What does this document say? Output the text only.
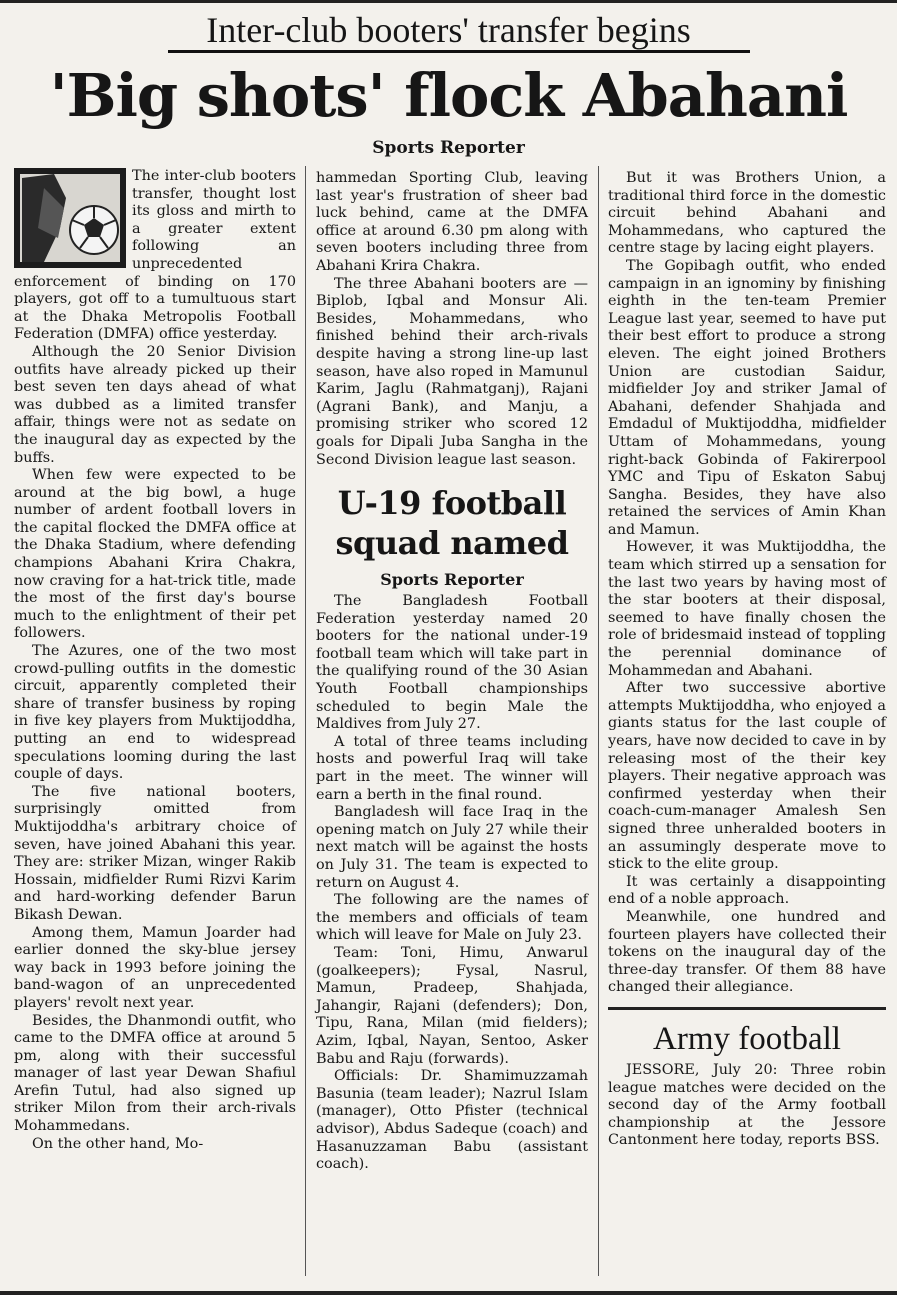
Inter-club booters' transfer begins
'Big shots' flock Abahani
Sports Reporter

The inter-club booters transfer, thought lost its gloss and mirth to a greater extent following an unprecedented enforcement of binding on 170 players, got off to a tumultuous start at the Dhaka Metropolis Football Federation (DMFA) office yesterday.

Although the 20 Senior Division outfits have already picked up their best seven ten days ahead of what was dubbed as a limited transfer affair, things were not as sedate on the inaugural day as expected by the buffs.

When few were expected to be around at the big bowl, a huge number of ardent football lovers in the capital flocked the DMFA office at the Dhaka Stadium, where defending champions Abahani Krira Chakra, now craving for a hat-trick title, made the most of the first day's bourse much to the enlightment of their pet followers.

The Azures, one of the two most crowd-pulling outfits in the domestic circuit, apparently completed their share of transfer business by roping in five key players from Muktijoddha, putting an end to widespread speculations looming during the last couple of days.

The five national booters, surprisingly omitted from Muktijoddha's arbitrary choice of seven, have joined Abahani this year. They are: striker Mizan, winger Rakib Hossain, midfielder Rumi Rizvi Karim and hard-working defender Barun Bikash Dewan.

Among them, Mamun Joarder had earlier donned the sky-blue jersey way back in 1993 before joining the band-wagon of an unprecedented players' revolt next year.

Besides, the Dhanmondi outfit, who came to the DMFA office at around 5 pm, along with their successful manager of last year Dewan Shafiul Arefin Tutul, had also signed up striker Milon from their arch-rivals Mohammedans.

On the other hand, Mo-

hammedan Sporting Club, leaving last year's frustration of sheer bad luck behind, came at the DMFA office at around 6.30 pm along with seven booters including three from Abahani Krira Chakra.

The three Abahani booters are — Biplob, Iqbal and Monsur Ali. Besides, Mohammedans, who finished behind their arch-rivals despite having a strong line-up last season, have also roped in Mamunul Karim, Jaglu (Rahmatganj), Rajani (Agrani Bank), and Manju, a promising striker who scored 12 goals for Dipali Juba Sangha in the Second Division league last season.

U-19 football squad named
Sports Reporter

The Bangladesh Football Federation yesterday named 20 booters for the national under-19 football team which will take part in the qualifying round of the 30 Asian Youth Football championships scheduled to begin Male the Maldives from July 27.

A total of three teams including hosts and powerful Iraq will take part in the meet. The winner will earn a berth in the final round.

Bangladesh will face Iraq in the opening match on July 27 while their next match will be against the hosts on July 31. The team is expected to return on August 4.

The following are the names of the members and officials of team which will leave for Male on July 23.

Team: Toni, Himu, Anwarul (goalkeepers); Fysal, Nasrul, Mamun, Pradeep, Shahjada, Jahangir, Rajani (defenders); Don, Tipu, Rana, Milan (mid fielders); Azim, Iqbal, Nayan, Sentoo, Asker Babu and Raju (forwards).

Officials: Dr. Shamimuzzamah Basunia (team leader); Nazrul Islam (manager), Otto Pfister (technical advisor), Abdus Sadeque (coach) and Hasanuzzaman Babu (assistant coach).

But it was Brothers Union, a traditional third force in the domestic circuit behind Abahani and Mohammedans, who captured the centre stage by lacing eight players.

The Gopibagh outfit, who ended campaign in an ignominy by finishing eighth in the ten-team Premier League last year, seemed to have put their best effort to produce a strong eleven. The eight joined Brothers Union are custodian Saidur, midfielder Joy and striker Jamal of Abahani, defender Shahjada and Emdadul of Muktijoddha, midfielder Uttam of Mohammedans, young right-back Gobinda of Fakirerpool YMC and Tipu of Eskaton Sabuj Sangha. Besides, they have also retained the services of Amin Khan and Mamun.

However, it was Muktijoddha, the team which stirred up a sensation for the last two years by having most of the star booters at their disposal, seemed to have finally chosen the role of bridesmaid instead of toppling the perennial dominance of Mohammedan and Abahani.

After two successive abortive attempts Muktijoddha, who enjoyed a giants status for the last couple of years, have now decided to cave in by releasing most of the their key players. Their negative approach was confirmed yesterday when their coach-cum-manager Amalesh Sen signed three unheralded booters in an assumingly desperate move to stick to the elite group.

It was certainly a disappointing end of a noble approach.

Meanwhile, one hundred and fourteen players have collected their tokens on the inaugural day of the three-day transfer. Of them 88 have changed their allegiance.

Army football

JESSORE, July 20: Three robin league matches were decided on the second day of the Army football championship at the Jessore Cantonment here today, reports BSS.
